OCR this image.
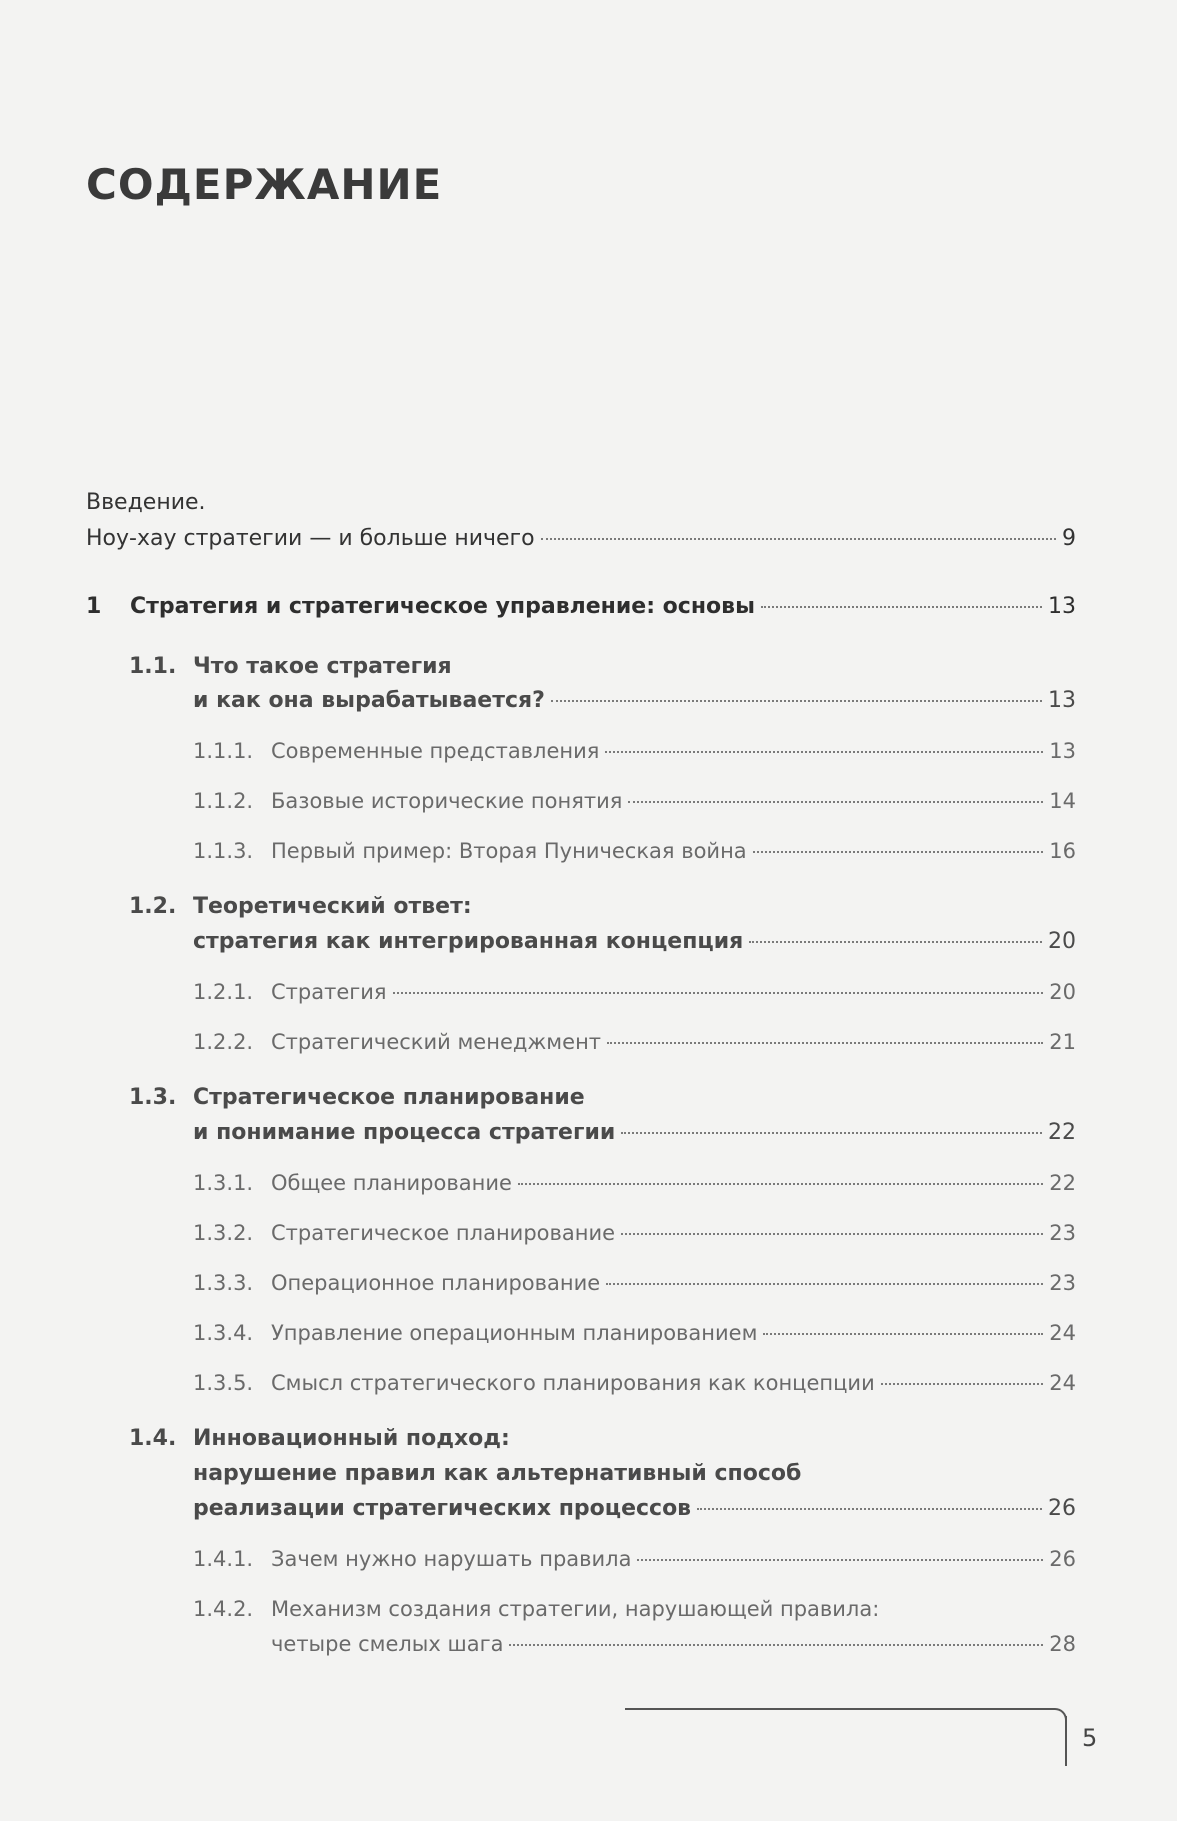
СОДЕРЖАНИЕ
Введение.
Ноу-хау стратегии — и больше ничего	9
1	Стратегия и стратегическое управление: основы	13
1.1. Что такое стратегия
и как она вырабатывается?	13
1.1.1. Современные представления	13
1.1.2. Базовые исторические понятия	14
1.1.3. Первый пример: Вторая Пуническая война	16
1.2. Теоретический ответ:
стратегия как интегрированная концепция	20
1.2.1. Стратегия	20
1.2.2. Стратегический менеджмент	21
1.3. Стратегическое планирование
и понимание процесса стратегии	22
1.3.1. Общее планирование	22
1.3.2. Стратегическое планирование	23
1.3.3. Операционное планирование	23
1.3.4. Управление операционным планированием	24
1.3.5. Смысл стратегического планирования как концепции	24
1.4. Инновационный подход:
нарушение правил как альтернативный способ
реализации стратегических процессов	26
1.4.1. Зачем нужно нарушать правила	26
1.4.2. Механизм создания стратегии, нарушающей правила:
четыре смелых шага	28
5
